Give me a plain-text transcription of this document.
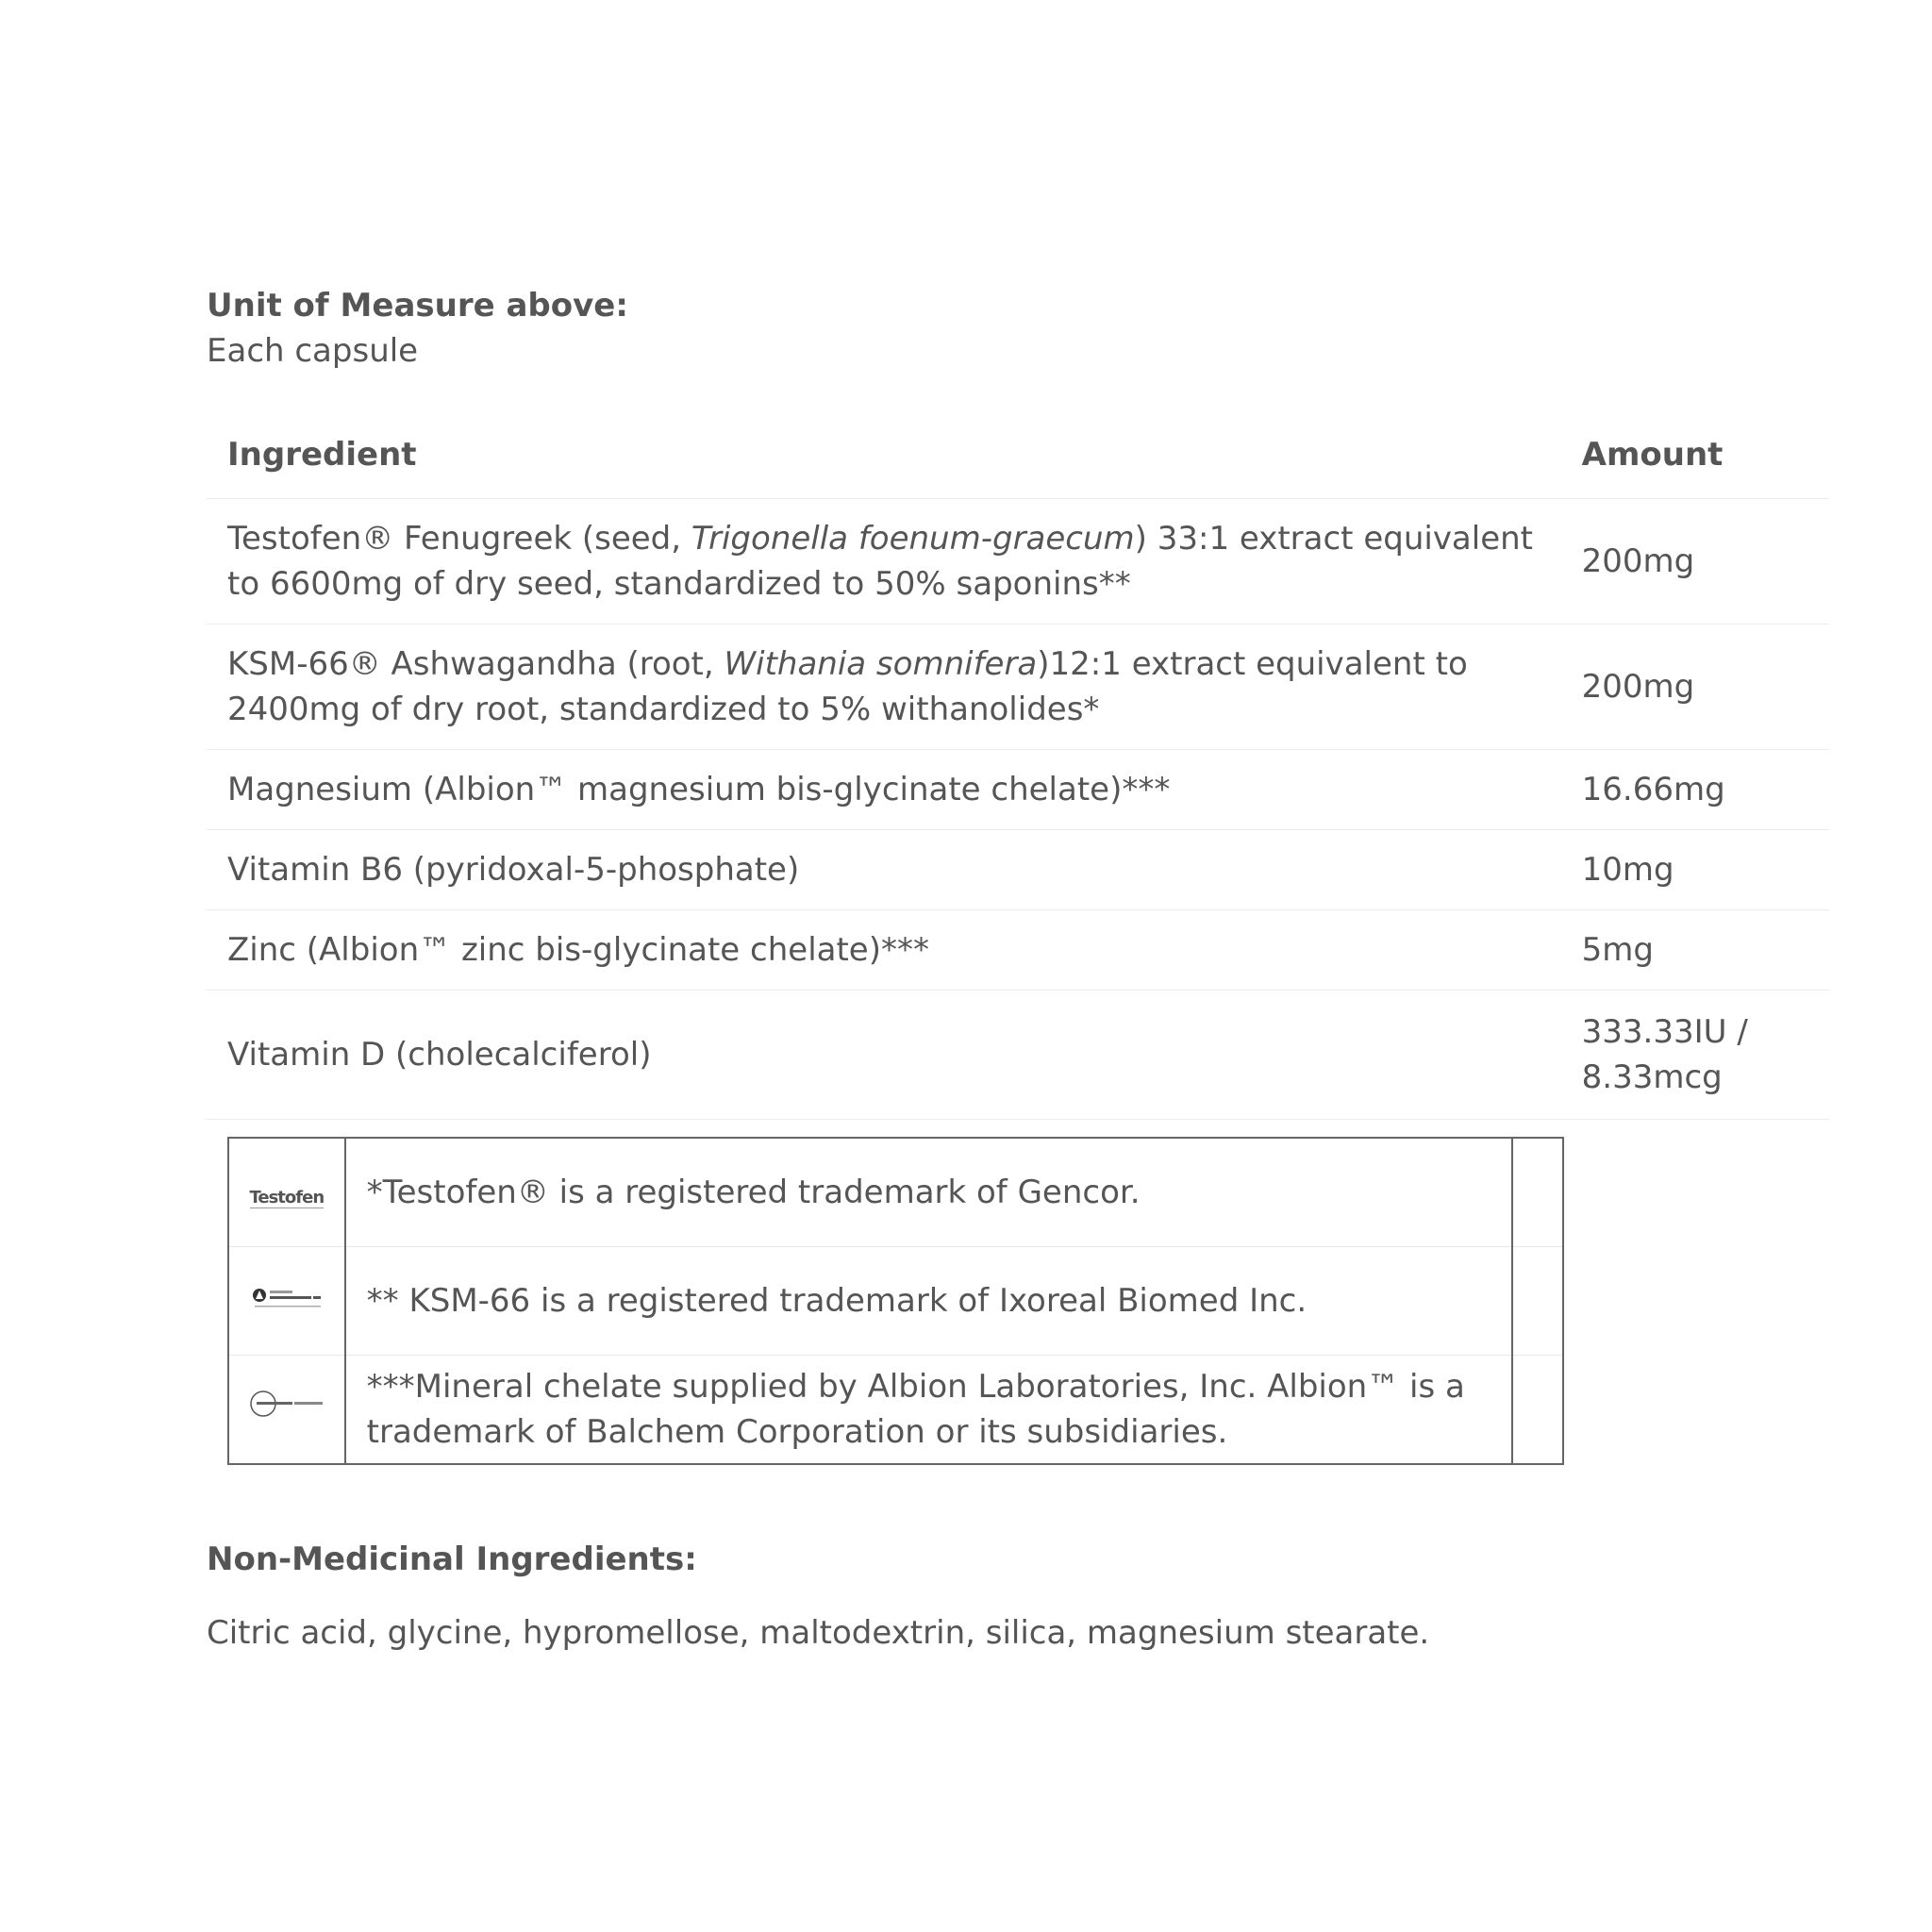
Unit of Measure above:

Each capsule

Ingredient	Amount
Testofen® Fenugreek (seed, Trigonella foenum-graecum) 33:1 extract equivalent to 6600mg of dry seed, standardized to 50% saponins**	200mg
KSM-66® Ashwagandha (root, Withania somnifera)12:1 extract equivalent to 2400mg of dry root, standardized to 5% withanolides*	200mg
Magnesium (Albion™ magnesium bis-glycinate chelate)***	16.66mg
Vitamin B6 (pyridoxal-5-phosphate)	10mg
Zinc (Albion™ zinc bis-glycinate chelate)***	5mg
Vitamin D (cholecalciferol)	333.33IU / 8.33mcg
Testofen	*Testofen® is a registered trademark of Gencor.	
	** KSM-66 is a registered trademark of Ixoreal Biomed Inc.	
	***Mineral chelate supplied by Albion Laboratories, Inc. Albion™ is a trademark of Balchem Corporation or its subsidiaries.	

Non-Medicinal Ingredients:

Citric acid, glycine, hypromellose, maltodextrin, silica, magnesium stearate.
